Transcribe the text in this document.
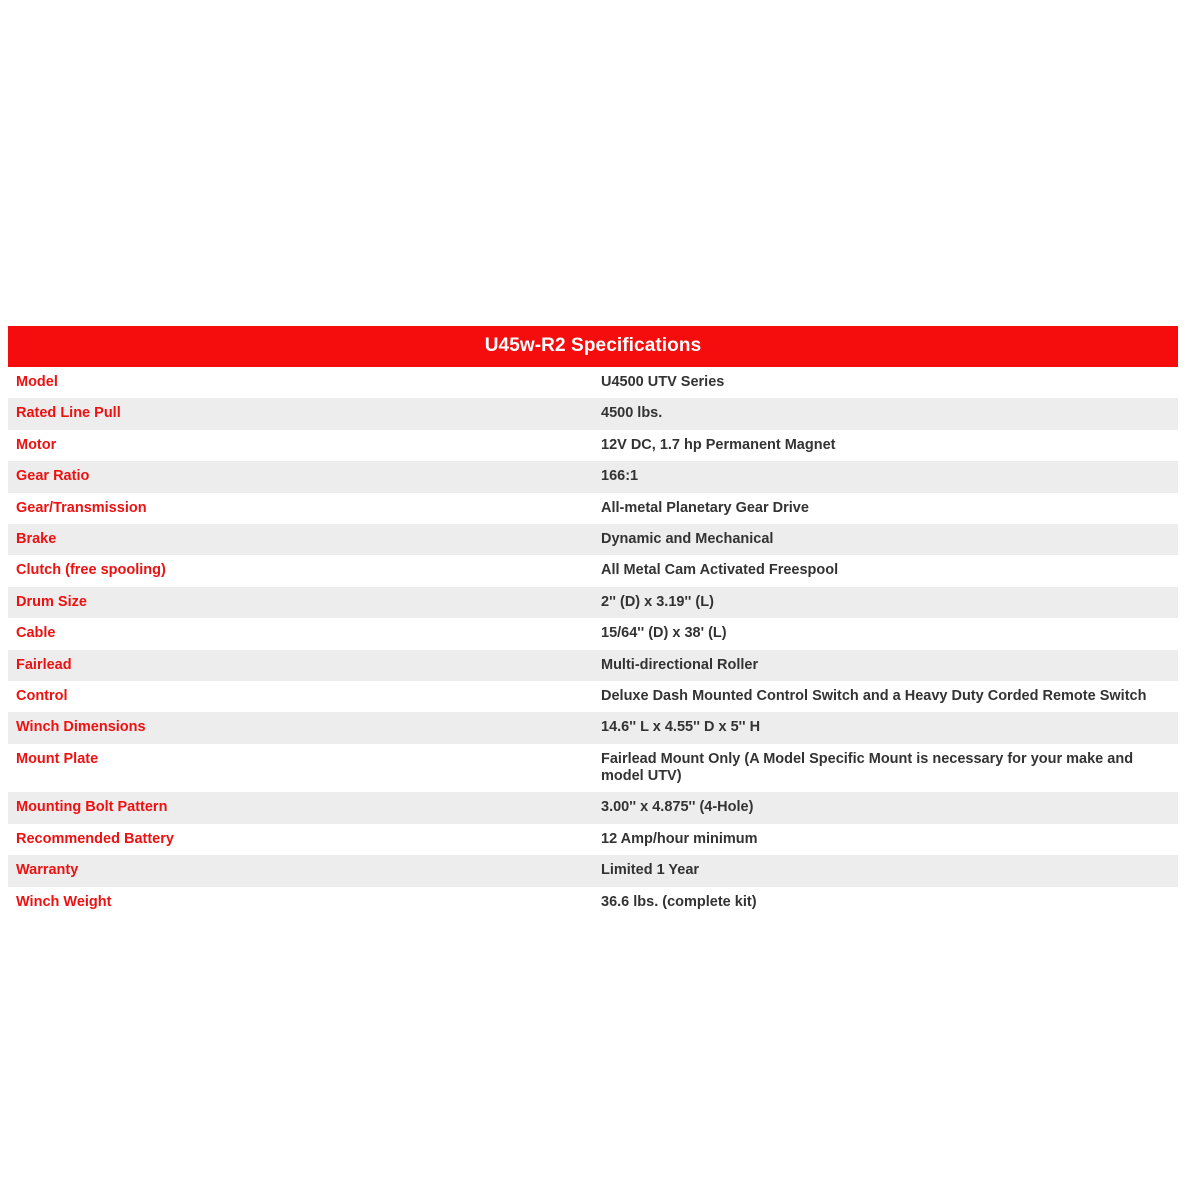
U45w-R2 Specifications	
Model	U4500 UTV Series
Rated Line Pull	4500 lbs.
Motor	12V DC, 1.7 hp Permanent Magnet
Gear Ratio	166:1
Gear/Transmission	All-metal Planetary Gear Drive
Brake	Dynamic and Mechanical
Clutch (free spooling)	All Metal Cam Activated Freespool
Drum Size	2'' (D) x 3.19'' (L)
Cable	15/64'' (D) x 38' (L)
Fairlead	Multi-directional Roller
Control	Deluxe Dash Mounted Control Switch and a Heavy Duty Corded Remote Switch
Winch Dimensions	14.6'' L x 4.55'' D x 5'' H
Mount Plate	Fairlead Mount Only (A Model Specific Mount is necessary for your make and model UTV)
Mounting Bolt Pattern	3.00'' x 4.875'' (4-Hole)
Recommended Battery	12 Amp/hour minimum
Warranty	Limited 1 Year
Winch Weight	36.6 lbs. (complete kit)
